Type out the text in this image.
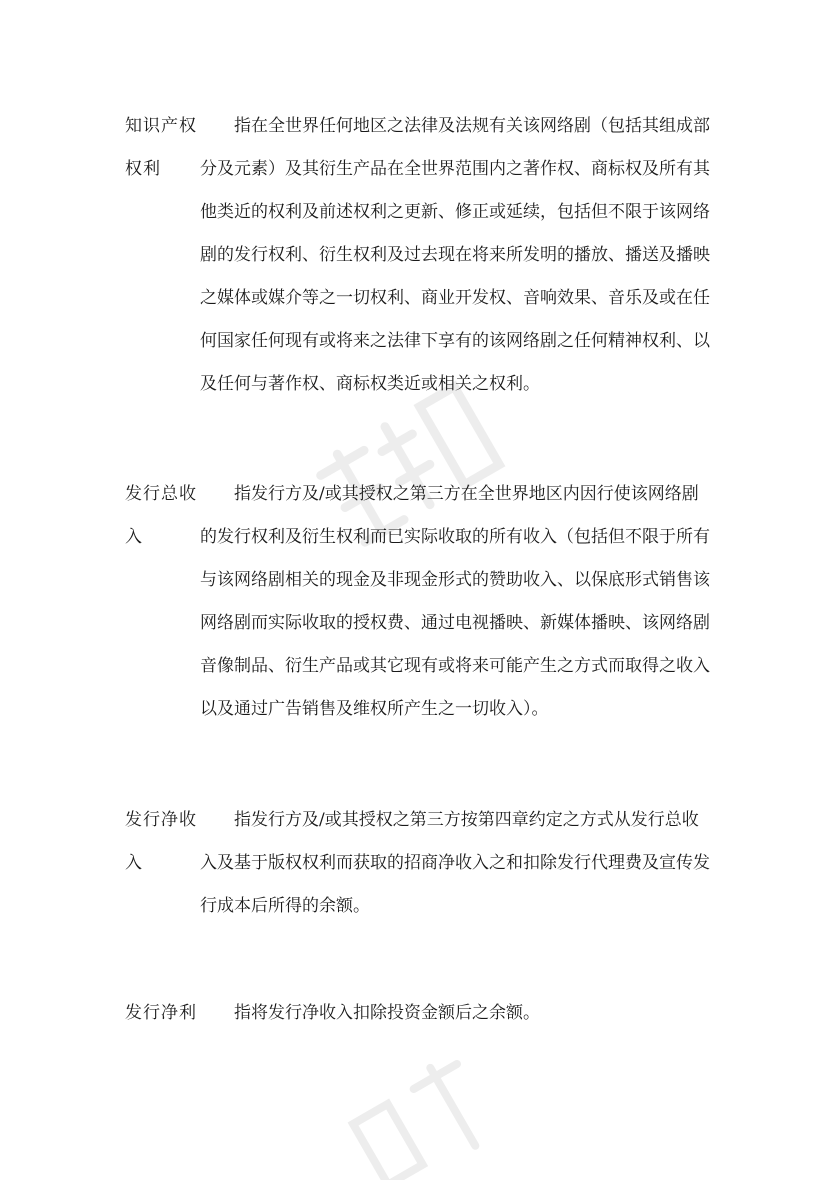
知识产权
权利
指在全世界任何地区之法律及法规有关该网络剧（包括其组成部
分及元素）及其衍生产品在全世界范围内之著作权、商标权及所有其
他类近的权利及前述权利之更新、修正或延续，包括但不限于该网络
剧的发行权利、衍生权利及过去现在将来所发明的播放、播送及播映
之媒体或媒介等之一切权利、商业开发权、音响效果、音乐及或在任
何国家任何现有或将来之法律下享有的该网络剧之任何精神权利、以
及任何与著作权、商标权类近或相关之权利。
发行总收
入
指发行方及/或其授权之第三方在全世界地区内因行使该网络剧
的发行权利及衍生权利而已实际收取的所有收入（包括但不限于所有
与该网络剧相关的现金及非现金形式的赞助收入、以保底形式销售该
网络剧而实际收取的授权费、通过电视播映、新媒体播映、该网络剧
音像制品、衍生产品或其它现有或将来可能产生之方式而取得之收入
以及通过广告销售及维权所产生之一切收入）。
发行净收
入
指发行方及/或其授权之第三方按第四章约定之方式从发行总收
入及基于版权权利而获取的招商净收入之和扣除发行代理费及宣传发
行成本后所得的余额。
发行净利	指将发行净收入扣除投资金额后之余额。
